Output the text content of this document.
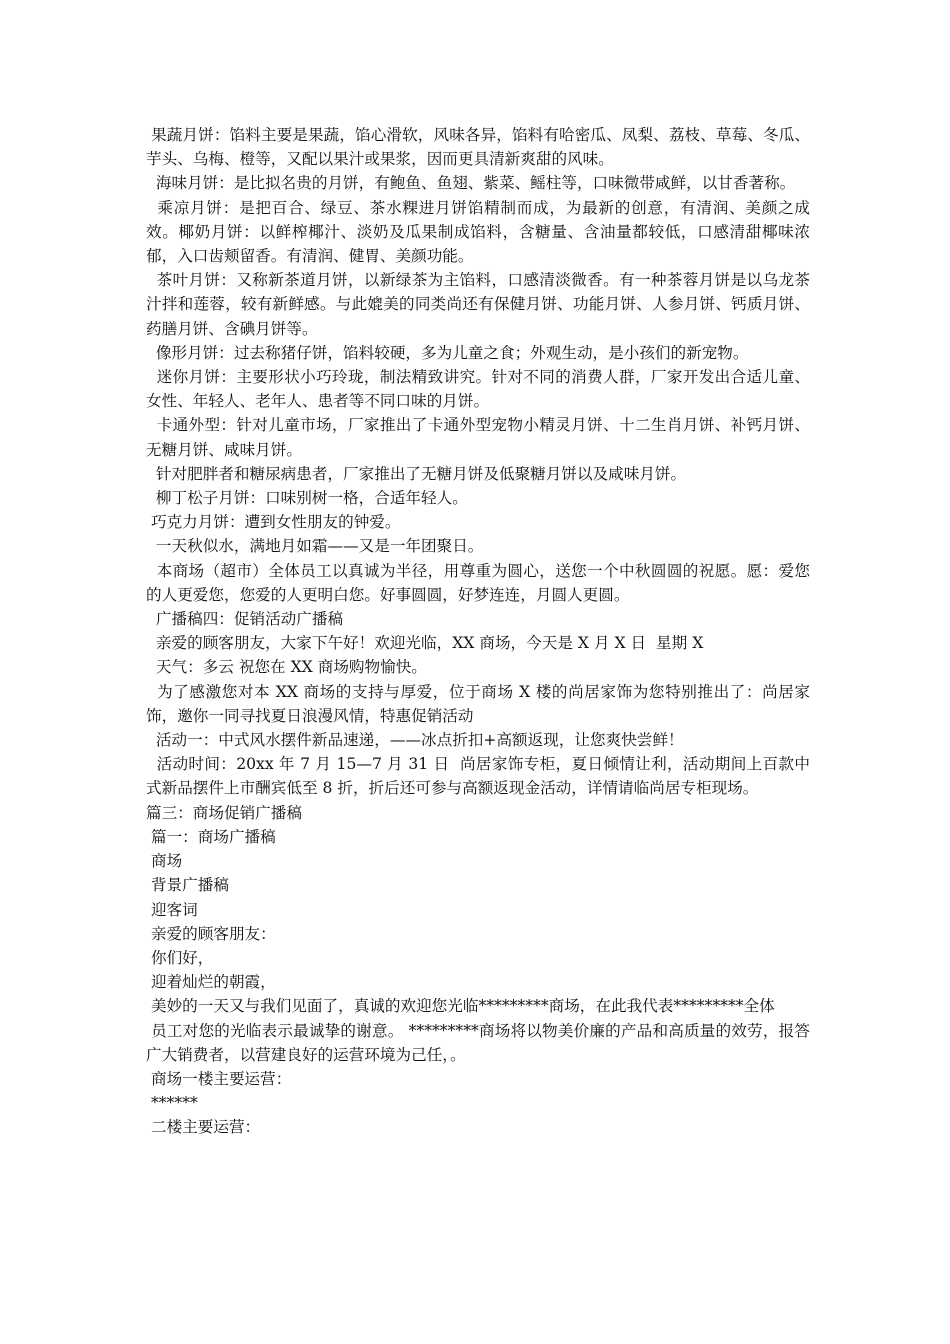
果蔬月饼：馅料主要是果蔬，馅心滑软，风味各异，馅料有哈密瓜、凤梨、荔枝、草莓、冬瓜、芋头、乌梅、橙等，又配以果汁或果浆，因而更具清新爽甜的风味。

海味月饼：是比拟名贵的月饼，有鲍鱼、鱼翅、紫菜、鳐柱等，口味微带咸鲜，以甘香著称。

乘凉月饼：是把百合、绿豆、茶水粿进月饼馅精制而成，为最新的创意，有清润、美颜之成效。椰奶月饼：以鲜榨椰汁、淡奶及瓜果制成馅料，含糖量、含油量都较低，口感清甜椰味浓郁，入口齿颊留香。有清润、健胃、美颜功能。

茶叶月饼：又称新茶道月饼，以新绿茶为主馅料，口感清淡微香。有一种茶蓉月饼是以乌龙茶汁拌和莲蓉，较有新鲜感。与此媲美的同类尚还有保健月饼、功能月饼、人参月饼、钙质月饼、药膳月饼、含碘月饼等。

像形月饼：过去称猪仔饼，馅料较硬，多为儿童之食；外观生动，是小孩们的新宠物。

迷你月饼：主要形状小巧玲珑，制法精致讲究。针对不同的消费人群，厂家开发出合适儿童、女性、年轻人、老年人、患者等不同口味的月饼。

卡通外型：针对儿童市场，厂家推出了卡通外型宠物小精灵月饼、十二生肖月饼、补钙月饼、无糖月饼、咸味月饼。

针对肥胖者和糖尿病患者，厂家推出了无糖月饼及低聚糖月饼以及咸味月饼。

柳丁松子月饼：口味别树一格，合适年轻人。

巧克力月饼：遭到女性朋友的钟爱。

一天秋似水，满地月如霜——又是一年团聚日。

本商场（超市）全体员工以真诚为半径，用尊重为圆心，送您一个中秋圆圆的祝愿。愿：爱您的人更爱您，您爱的人更明白您。好事圆圆，好梦连连，月圆人更圆。

广播稿四：促销活动广播稿

亲爱的顾客朋友，大家下午好！欢迎光临，XX 商场，今天是 X 月 X 日  星期 X

天气：多云 祝您在 XX 商场购物愉快。

为了感激您对本 XX 商场的支持与厚爱，位于商场 X 楼的尚居家饰为您特别推出了：尚居家饰，邀你一同寻找夏日浪漫风情，特惠促销活动

活动一：中式风水摆件新品速递，——冰点折扣+高额返现，让您爽快尝鲜！

活动时间：20xx 年 7 月 15—7 月 31 日  尚居家饰专柜，夏日倾情让利，活动期间上百款中式新品摆件上市酬宾低至 8 折，折后还可参与高额返现金活动，详情请临尚居专柜现场。

篇三：商场促销广播稿

篇一：商场广播稿

商场

背景广播稿

迎客词

亲爱的顾客朋友：

你们好，

迎着灿烂的朝霞，

美妙的一天又与我们见面了，真诚的欢迎您光临*********商场，在此我代表*********全体

员工对您的光临表示最诚挚的谢意。 *********商场将以物美价廉的产品和高质量的效劳，报答广大销费者，以营建良好的运营环境为己任，。

商场一楼主要运营：

******

二楼主要运营：
